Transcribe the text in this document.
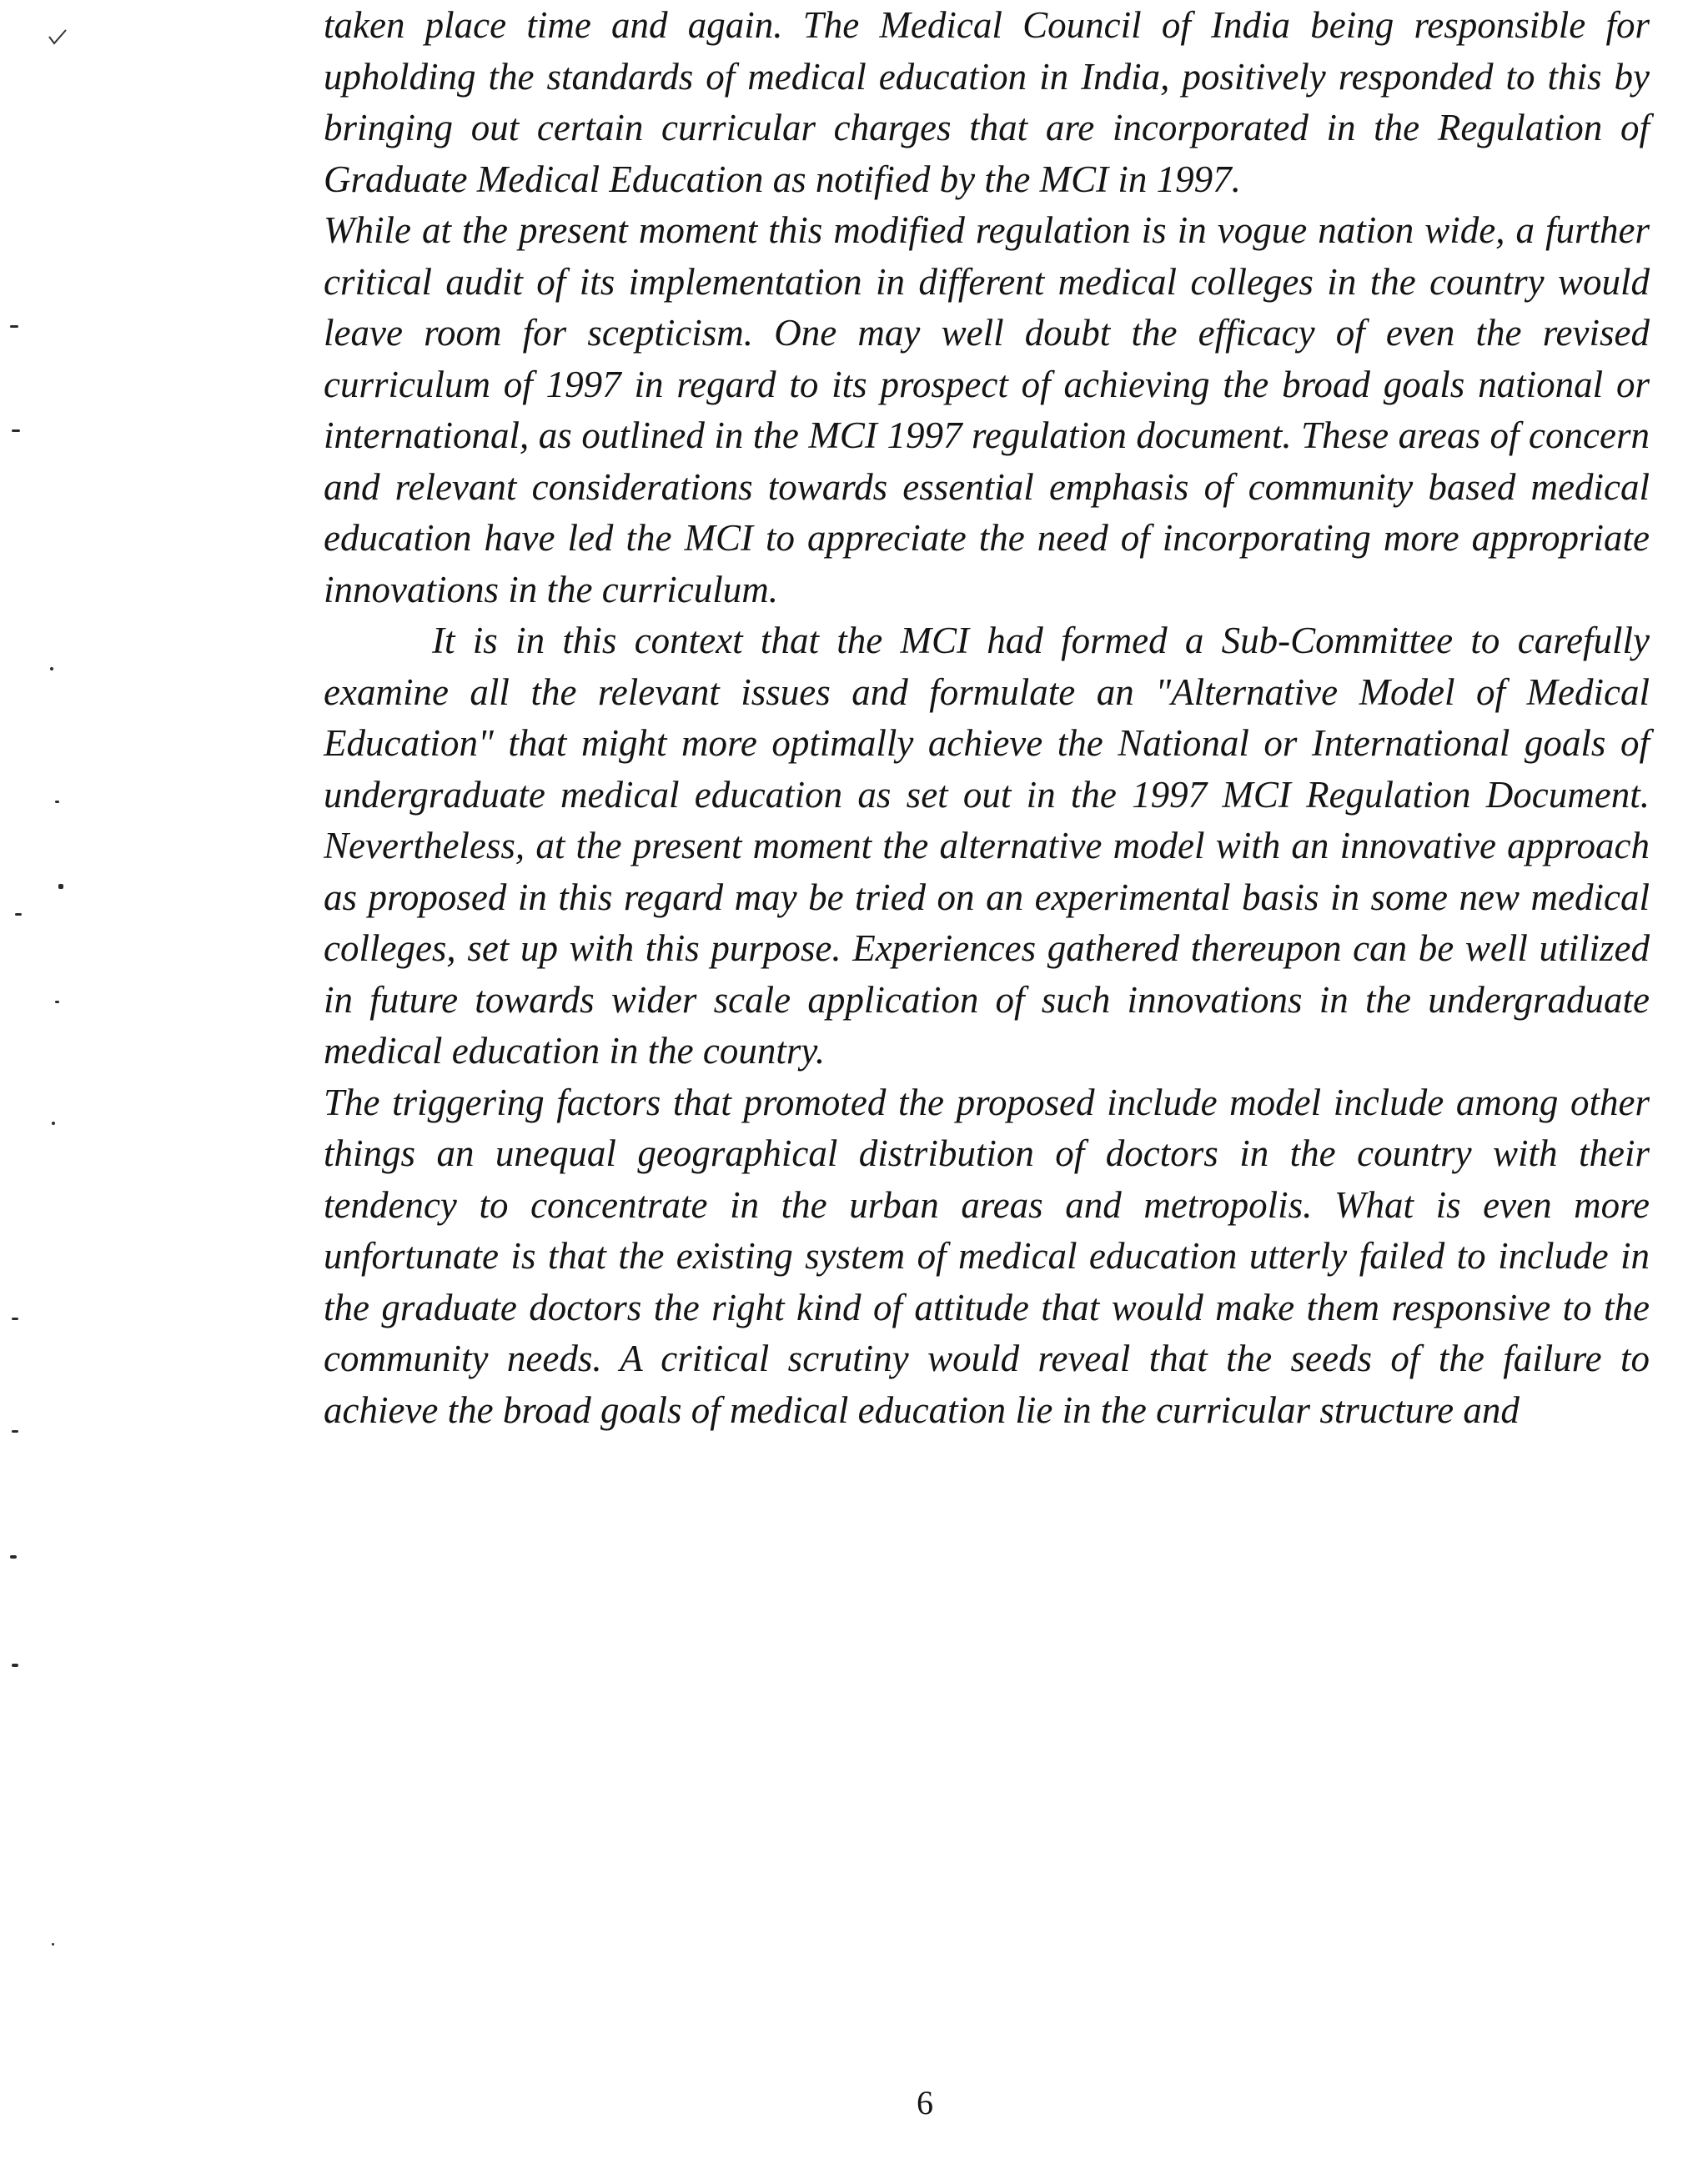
taken place time and again. The Medical Council of India being responsible for upholding the standards of medical education in India, positively responded to this by bringing out certain curricular charges that are incorporated in the Regulation of Graduate Medical Education as notified by the MCI in 1997.

While at the present moment this modified regulation is in vogue nation wide, a further critical audit of its implementation in different medical colleges in the country would leave room for scepticism. One may well doubt the efficacy of even the revised curriculum of 1997 in regard to its prospect of achieving the broad goals national or international, as outlined in the MCI 1997 regulation document. These areas of concern and relevant considerations towards essential emphasis of community based medical education have led the MCI to appreciate the need of incorporating more appropriate innovations in the curriculum.

It is in this context that the MCI had formed a Sub-Committee to carefully examine all the relevant issues and formulate an "Alternative Model of Medical Education" that might more optimally achieve the National or International goals of undergraduate medical education as set out in the 1997 MCI Regulation Document. Nevertheless, at the present moment the alternative model with an innovative approach as proposed in this regard may be tried on an experimental basis in some new medical colleges, set up with this purpose. Experiences gathered thereupon can be well utilized in future towards wider scale application of such innovations in the undergraduate medical education in the country.

The triggering factors that promoted the proposed include model include among other things an unequal geographical distribution of doctors in the country with their tendency to concentrate in the urban areas and metropolis. What is even more unfortunate is that the existing system of medical education utterly failed to include in the graduate doctors the right kind of attitude that would make them responsive to the community needs. A critical scrutiny would reveal that the seeds of the failure to achieve the broad goals of medical education lie in the curricular structure and

6
